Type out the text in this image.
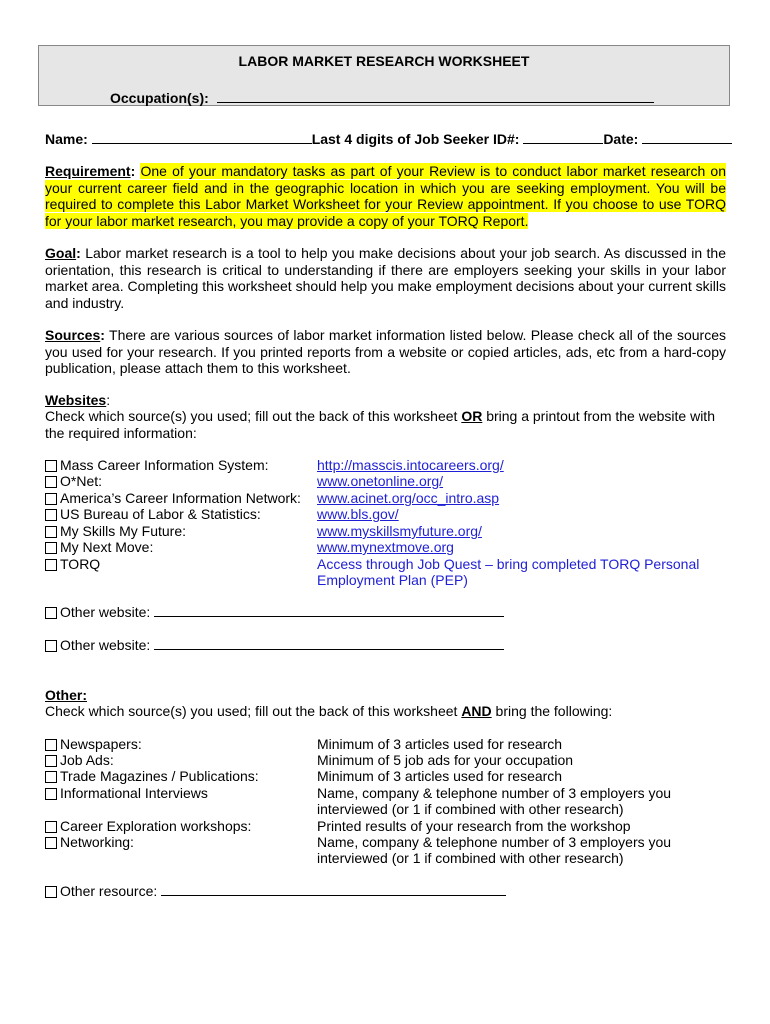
LABOR MARKET RESEARCH WORKSHEET
Occupation(s):
Name:	Last 4 digits of Job Seeker ID#:	Date:
Requirement: One of your mandatory tasks as part of your Review is to conduct labor market research on your current career field and in the geographic location in which you are seeking employment. You will be required to complete this Labor Market Worksheet for your Review appointment. If you choose to use TORQ for your labor market research, you may provide a copy of your TORQ Report.
Goal: Labor market research is a tool to help you make decisions about your job search. As discussed in the orientation, this research is critical to understanding if there are employers seeking your skills in your labor market area. Completing this worksheet should help you make employment decisions about your current skills and industry.
Sources: There are various sources of labor market information listed below. Please check all of the sources you used for your research. If you printed reports from a website or copied articles, ads, etc from a hard-copy publication, please attach them to this worksheet.
Websites:
Check which source(s) you used; fill out the back of this worksheet OR bring a printout from the website with the required information:
Mass Career Information System:	http://masscis.intocareers.org/
O*Net:	www.onetonline.org/
America’s Career Information Network: www.acinet.org/occ_intro.asp
US Bureau of Labor & Statistics:	www.bls.gov/
My Skills My Future:	www.myskillsmyfuture.org/
My Next Move:	www.mynextmove.org
TORQ	Access through Job Quest – bring completed TORQ Personal Employment Plan (PEP)
Other website:
Other website:
Other:
Check which source(s) you used; fill out the back of this worksheet AND bring the following:
Newspapers:	Minimum of 3 articles used for research
Job Ads:	Minimum of 5 job ads for your occupation
Trade Magazines / Publications:	Minimum of 3 articles used for research
Informational Interviews	Name, company & telephone number of 3 employers you interviewed (or 1 if combined with other research)
Career Exploration workshops:	Printed results of your research from the workshop
Networking:	Name, company & telephone number of 3 employers you interviewed (or 1 if combined with other research)
Other resource:
